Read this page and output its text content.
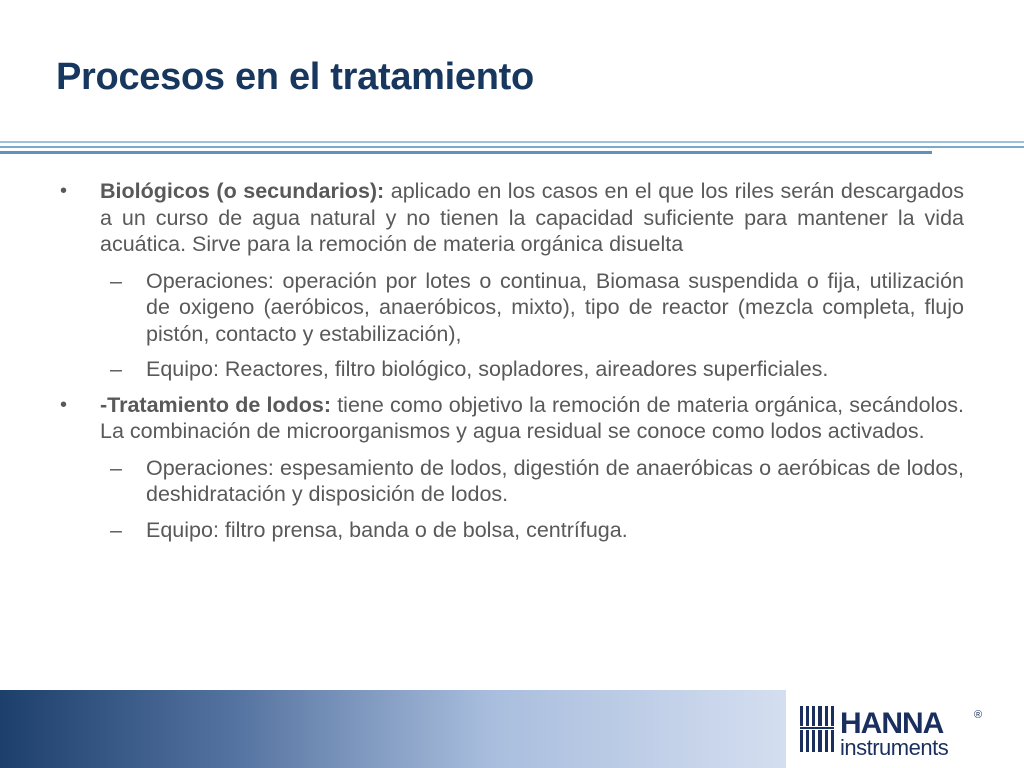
Procesos en el tratamiento

• Biológicos (o secundarios): aplicado en los casos en el que los riles serán descargados a un curso de agua natural y no tienen la capacidad suficiente para mantener la vida acuática. Sirve para la remoción de materia orgánica disuelta

– Operaciones: operación por lotes o continua, Biomasa suspendida o fija, utilización de oxigeno (aeróbicos, anaeróbicos, mixto), tipo de reactor (mezcla completa, flujo pistón, contacto y estabilización),

– Equipo: Reactores, filtro biológico, sopladores, aireadores superficiales.

• -Tratamiento de lodos: tiene como objetivo la remoción de materia orgánica, secándolos. La combinación de microorganismos y agua residual se conoce como lodos activados.

– Operaciones: espesamiento de lodos, digestión de anaeróbicas o aeróbicas de lodos, deshidratación y disposición de lodos.

– Equipo: filtro prensa, banda o de bolsa, centrífuga.

HANNA	®
instruments
